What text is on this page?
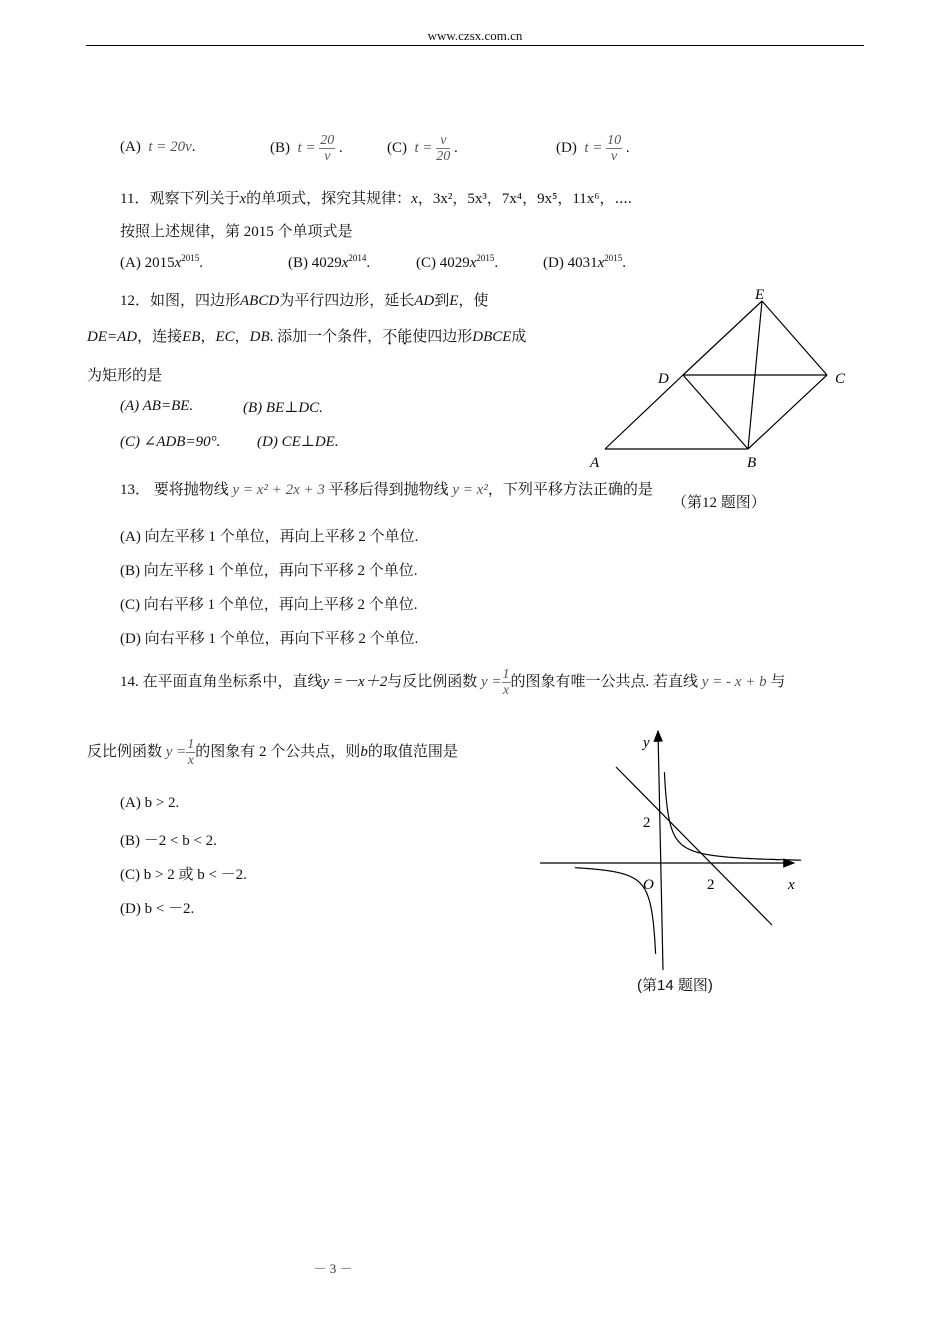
www.czsx.com.cn
(A) t = 20v.	(B) $t = \frac{20}{v}$ .	(C) $t = \frac{v}{20}$ .	(D) $t = \frac{10}{v}$ .
11．观察下列关于x的单项式，探究其规律：x，3x²，5x³，7x⁴，9x⁵，11x⁶，⋯.
按照上述规律，第 2015 个单项式是
(A) $2015x^{2015}$.	(B) $4029x^{2014}$.	(C) $4029x^{2015}$.	(D) $4031x^{2015}$.
12．如图，四边形ABCD为平行四边形，延长AD到E，使
DE=AD，连接EB，EC，DB. 添加一个条件，不能使四边形DBCE成
为矩形的是
(A) AB=BE.	(B) BE⊥DC.
(C) ∠ADB=90°. (D) CE⊥DE.
E
D	C
A	B
（第12 题图）
13． 要将抛物线 y = x² + 2x + 3 平移后得到抛物线 y = x²，下列平移方法正确的是
(A) 向左平移 1 个单位，再向上平移 2 个单位.
(B) 向左平移 1 个单位，再向下平移 2 个单位.
(C) 向右平移 1 个单位，再向上平移 2 个单位.
(D) 向右平移 1 个单位，再向下平移 2 个单位.
14. 在平面直角坐标系中，直线y =－x＋2与反比例函数 $y = \frac{1}{x}$ 的图象有唯一公共点. 若直线 y = - x + b 与
反比例函数 $y = \frac{1}{x}$ 的图象有 2 个公共点，则b的取值范围是
(A) b > 2.
(B) －2 < b < 2.
(C) b > 2 或 b < －2.
(D) b < －2.
y
x
O
2
2
(第14 题图)
－ 3 －
